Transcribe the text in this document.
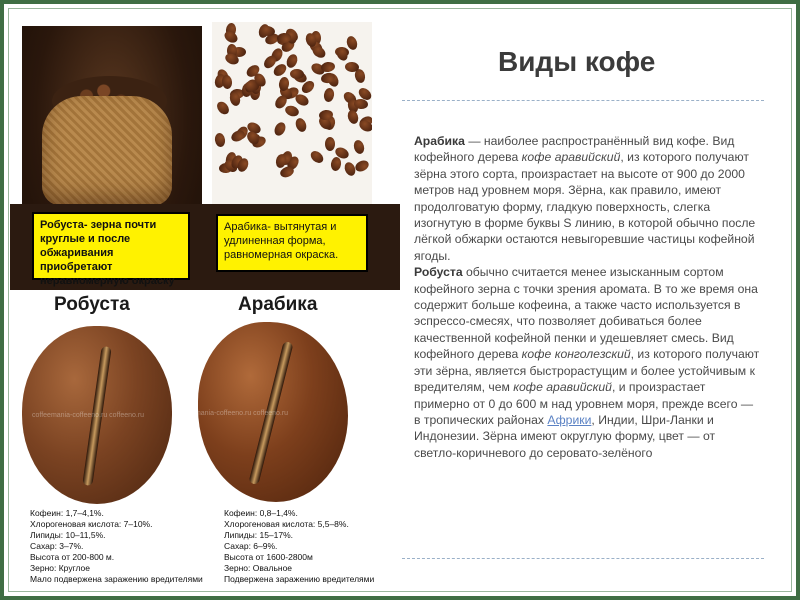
Робуста- зерна почти круглые и после обжаривания приобретают неравномерную окраску
Арабика- вытянутая и удлиненная форма, равномерная окраска.
Робуста	Арабика
coffeemania-coffeeno.ru coffeeno.ru	coffeemania-coffeeno.ru coffeeno.ru
Кофеин: 1,7–4,1%.
Хлорогеновая кислота: 7–10%.
Липиды: 10–11,5%.
Сахар: 3–7%.
Высота от 200-800 м.
Зерно: Круглое
Мало подвержена заражению вредителями
Кофеин: 0,8–1,4%.
Хлорогеновая кислота: 5,5–8%.
Липиды: 15–17%.
Сахар: 6–9%.
Высота от 1600-2800м
Зерно: Овальное
Подвержена заражению вредителями
Виды кофе

Арабика — наиболее распространённый вид кофе. Вид кофейного дерева кофе аравийский, из которого получают зёрна этого сорта, произрастает на высоте от 900 до 2000 метров над уровнем моря. Зёрна, как правило, имеют продолговатую форму, гладкую поверхность, слегка изогнутую в форме буквы S линию, в которой обычно после лёгкой обжарки остаются невыгоревшие частицы кофейной ягоды.
Робуста обычно считается менее изысканным сортом кофейного зерна с точки зрения аромата. В то же время она содержит больше кофеина, а также часто используется в эспрессо-смесях, что позволяет добиваться более качественной кофейной пенки и удешевляет смесь. Вид кофейного дерева кофе конголезский, из которого получают эти зёрна, является быстрорастущим и более устойчивым к вредителям, чем кофе аравийский, и произрастает примерно от 0 до 600 м над уровнем моря, прежде всего — в тропических районах Африки, Индии, Шри-Ланки и Индонезии. Зёрна имеют округлую форму, цвет — от светло-коричневого до серовато-зелёного
